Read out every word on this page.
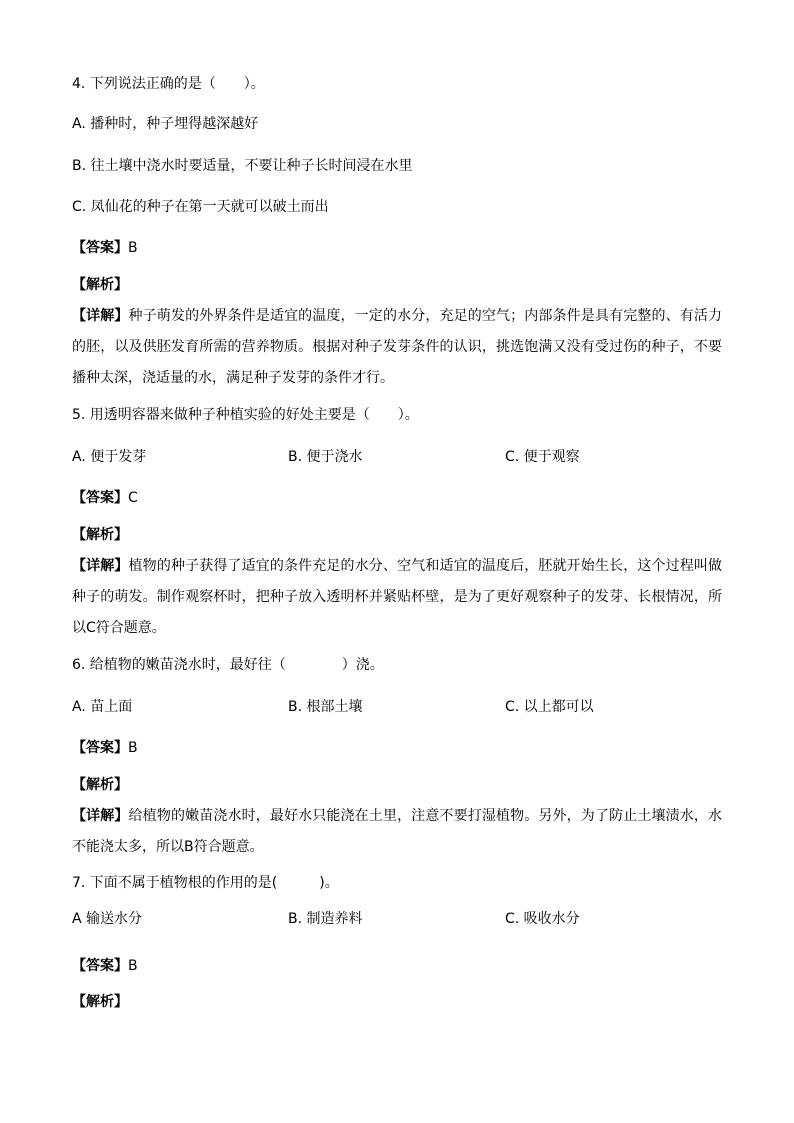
4. 下列说法正确的是（　　）。
A. 播种时，种子埋得越深越好
B. 往土壤中浇水时要适量，不要让种子长时间浸在水里
C. 凤仙花的种子在第一天就可以破土而出
【答案】B
【解析】
【详解】种子萌发的外界条件是适宜的温度，一定的水分，充足的空气；内部条件是具有完整的、有活力的胚，以及供胚发育所需的营养物质。根据对种子发芽条件的认识，挑选饱满又没有受过伤的种子，不要播种太深，浇适量的水，满足种子发芽的条件才行。
5. 用透明容器来做种子种植实验的好处主要是（　　）。
A. 便于发芽	B. 便于浇水	C. 便于观察
【答案】C
【解析】
【详解】植物的种子获得了适宜的条件充足的水分、空气和适宜的温度后，胚就开始生长，这个过程叫做种子的萌发。制作观察杯时，把种子放入透明杯并紧贴杯壁，是为了更好观察种子的发芽、长根情况，所以C符合题意。
6. 给植物的嫩苗浇水时，最好往（　　　　）浇。
A. 苗上面	B. 根部土壤	C. 以上都可以
【答案】B
【解析】
【详解】给植物的嫩苗浇水时，最好水只能浇在土里，注意不要打湿植物。另外，为了防止土壤渍水，水不能浇太多，所以B符合题意。
7. 下面不属于植物根的作用的是(　　　)。
A 输送水分	B. 制造养料	C. 吸收水分
【答案】B
【解析】
